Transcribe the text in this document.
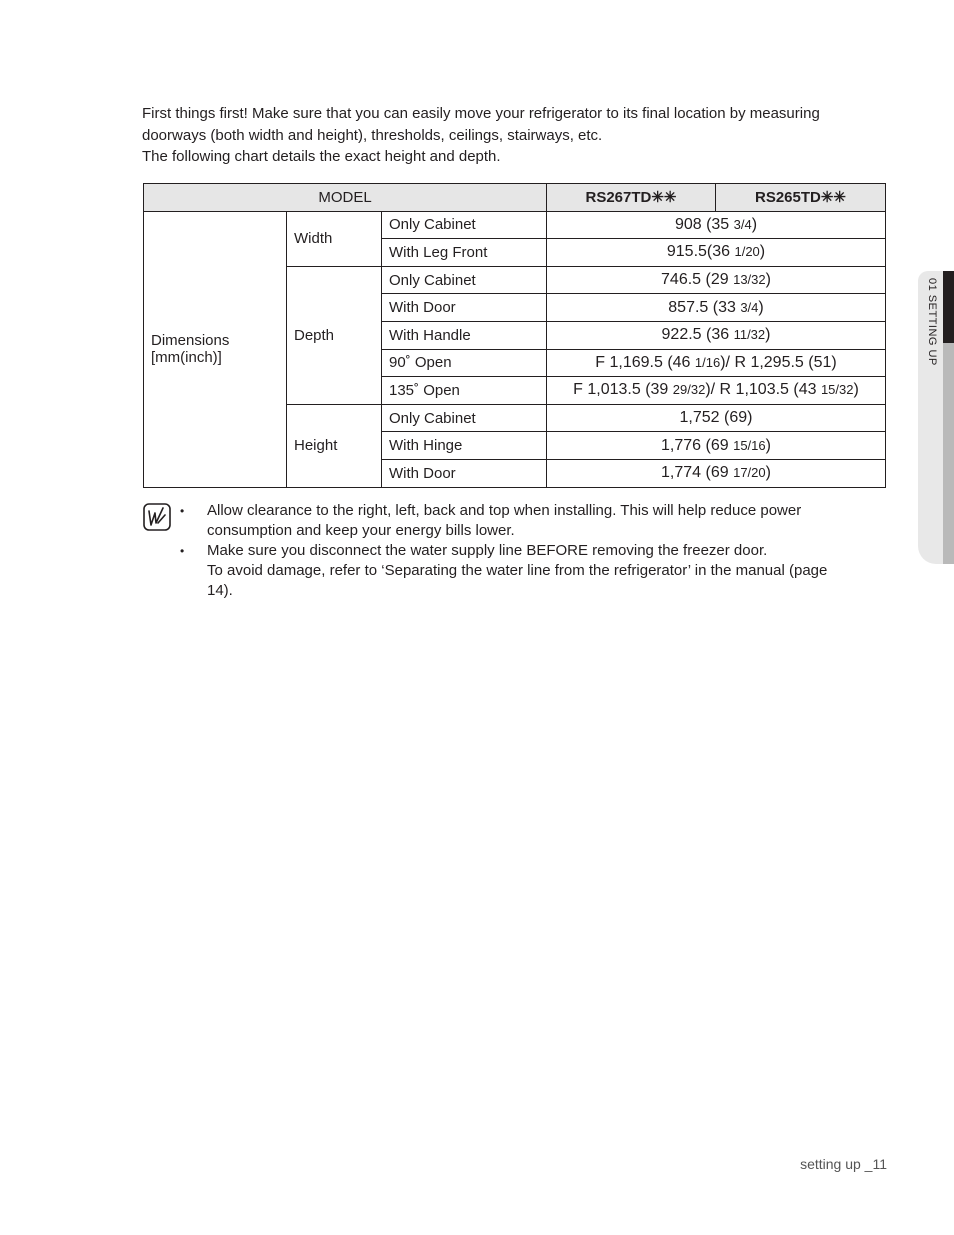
First things first! Make sure that you can easily move your refrigerator to its final location by measuring doorways (both width and height), thresholds, ceilings, stairways, etc.

The following chart details the exact height and depth.

MODEL			RS267TD✳✳	RS265TD✳✳

Dimensions
[mm(inch)]	Width	Only Cabinet	908 (35 3/4)	
		With Leg Front	915.5(36 1/20)	
	Depth	Only Cabinet	746.5 (29 13/32)	
		With Door	857.5 (33 3/4)	
		With Handle	922.5 (36 11/32)	
		90˚ Open	F 1,169.5 (46 1/16)/ R 1,295.5 (51)	
		135˚ Open	F 1,013.5 (39 29/32)/ R 1,103.5 (43 15/32)	
	Height	Only Cabinet	1,752 (69)	
		With Hinge	1,776 (69 15/16)	
		With Door	1,774 (69 17/20)	
• Allow clearance to the right, left, back and top when installing. This will help reduce power consumption and keep your energy bills lower.
• Make sure you disconnect the water supply line BEFORE removing the freezer door.
To avoid damage, refer to ‘Separating the water line from the refrigerator’ in the manual (page 14).
01 SETTING UP
setting up _11
